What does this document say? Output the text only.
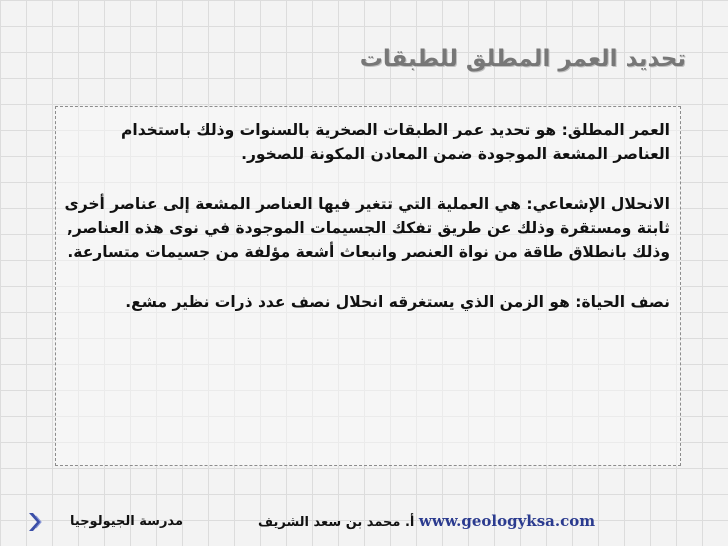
تحديد العمر المطلق للطبقات

العمر المطلق: هو تحديد عمر الطبقات الصخرية بالسنوات وذلك باستخدام العناصر المشعة الموجودة ضمن المعادن المكونة للصخور.

الانحلال الإشعاعي: هي العملية التي تتغير فيها العناصر المشعة إلى عناصر أخرى ثابتة ومستقرة وذلك عن طريق تفكك الجسيمات الموجودة في نوى هذه العناصر, وذلك بانطلاق طاقة من نواة العنصر وانبعاث أشعة مؤلفة من جسيمات متسارعة.

نصف الحياة: هو الزمن الذي يستغرقه انحلال نصف عدد ذرات نظير مشع.

مدرسة الجيولوجيا	أ. محمد بن سعد الشريف www.geologyksa.com
